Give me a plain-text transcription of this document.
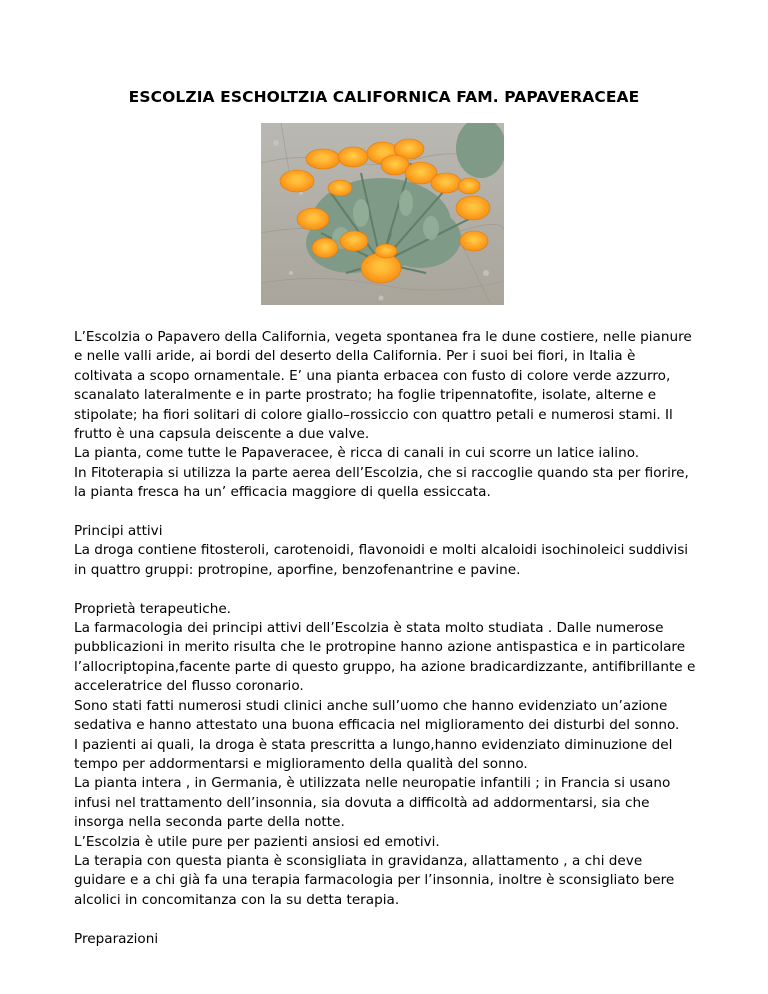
ESCOLZIA ESCHOLTZIA CALIFORNICA FAM. PAPAVERACEAE
L’Escolzia o Papavero della California, vegeta spontanea fra le dune costiere, nelle pianure
e nelle valli aride, ai bordi del deserto della California. Per i suoi bei fiori, in Italia è
coltivata a scopo ornamentale. E’ una pianta erbacea con fusto di colore verde azzurro,
scanalato lateralmente e in parte prostrato; ha foglie tripennatofite, isolate, alterne e
stipolate; ha fiori solitari di colore giallo–rossiccio con quattro petali e numerosi stami. Il
frutto è una capsula deiscente a due valve.
La pianta, come tutte le Papaveracee, è ricca di canali in cui scorre un latice ialino.
In Fitoterapia si utilizza la parte aerea dell’Escolzia, che si raccoglie quando sta per fiorire,
la pianta fresca ha un’ efficacia maggiore di quella essiccata.
Principi attivi
La droga contiene fitosteroli, carotenoidi, flavonoidi e molti alcaloidi isochinoleici suddivisi
in quattro gruppi: protropine, aporfine, benzofenantrine e pavine.
Proprietà terapeutiche.
La farmacologia dei principi attivi dell’Escolzia è stata molto studiata . Dalle numerose
pubblicazioni in merito risulta che le protropine hanno azione antispastica e in particolare
l’allocriptopina,facente parte di questo gruppo, ha azione bradicardizzante, antifibrillante e
acceleratrice del flusso coronario.
Sono stati fatti numerosi studi clinici anche sull’uomo che hanno evidenziato un’azione
sedativa e hanno attestato una buona efficacia nel miglioramento dei disturbi del sonno.
I pazienti ai quali, la droga è stata prescritta a lungo,hanno evidenziato diminuzione del
tempo per addormentarsi e miglioramento della qualità del sonno.
La pianta intera , in Germania, è utilizzata nelle neuropatie infantili ; in Francia si usano
infusi nel trattamento dell’insonnia, sia dovuta a difficoltà ad addormentarsi, sia che
insorga nella seconda parte della notte.
L’Escolzia è utile pure per pazienti ansiosi ed emotivi.
La terapia con questa pianta è sconsigliata in gravidanza, allattamento , a chi deve
guidare e a chi già fa una terapia farmacologia per l’insonnia, inoltre è sconsigliato bere
alcolici in concomitanza con la su detta terapia.
Preparazioni
